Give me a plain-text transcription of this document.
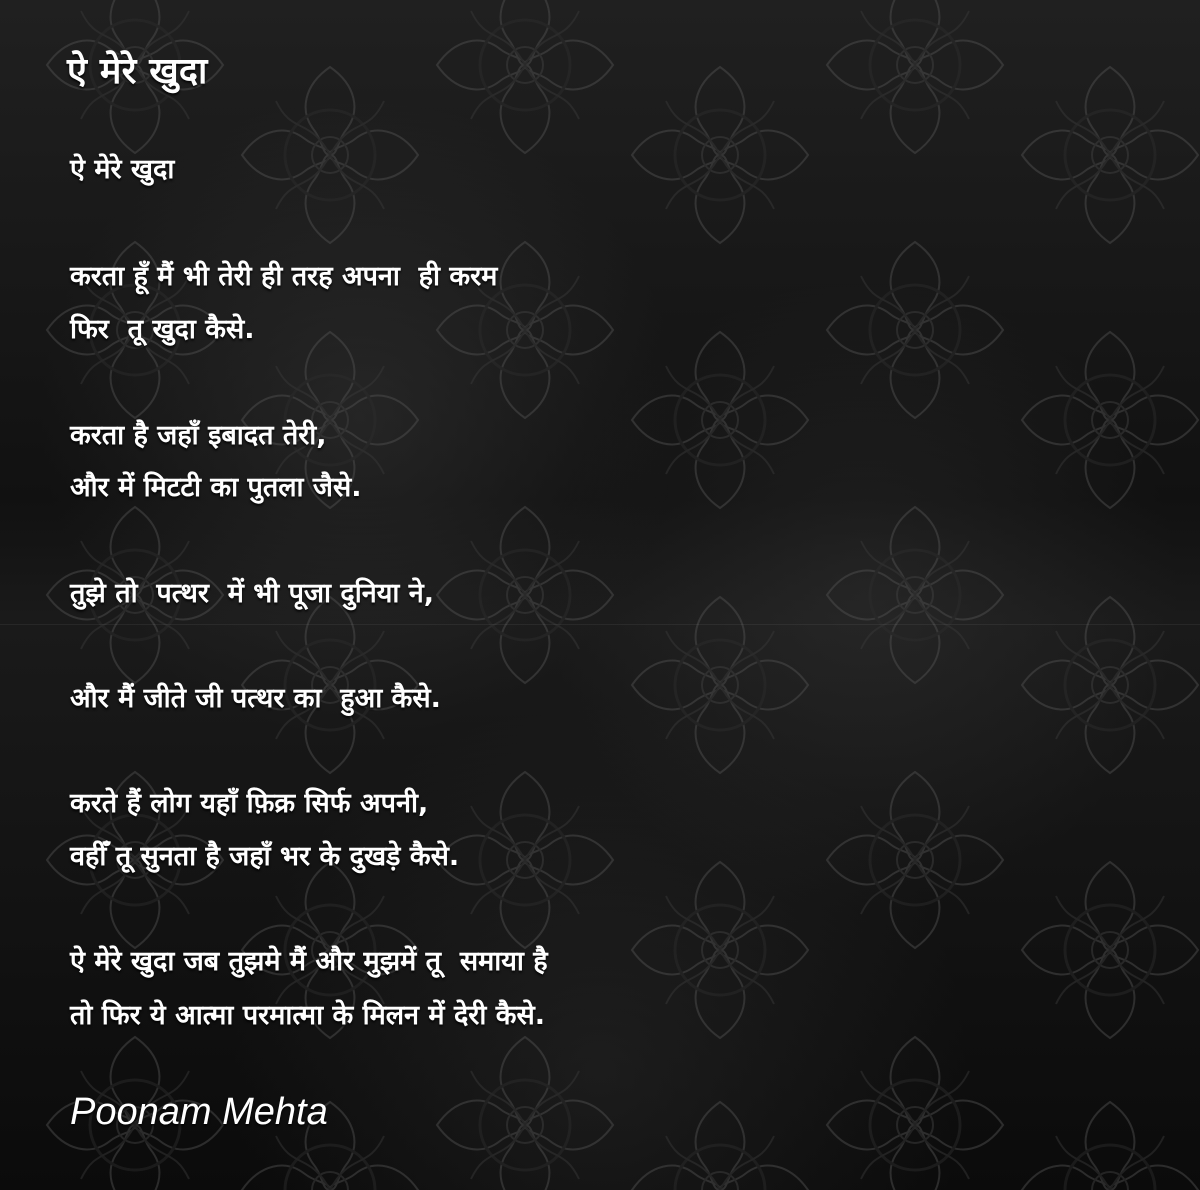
ऐ मेरे खुदा
ऐ मेरे खुदा
करता हूँ मैं भी तेरी ही तरह अपना  ही करम
फिर  तू खुदा कैसे.
करता है जहाँ इबादत तेरी,
और में मिटटी का पुतला जैसे.
तुझे तो  पत्थर  में भी पूजा दुनिया ने,
और मैं जीते जी पत्थर का  हुआ कैसे.
करते हैं लोग यहाँ फ़िक्र सिर्फ अपनी,
वहीँ तू सुनता है जहाँ भर के दुखड़े कैसे.
ऐ मेरे खुदा जब तुझमे मैं और मुझमें तू  समाया है
तो फिर ये आत्मा परमात्मा के मिलन में देरी कैसे.
Poonam Mehta
